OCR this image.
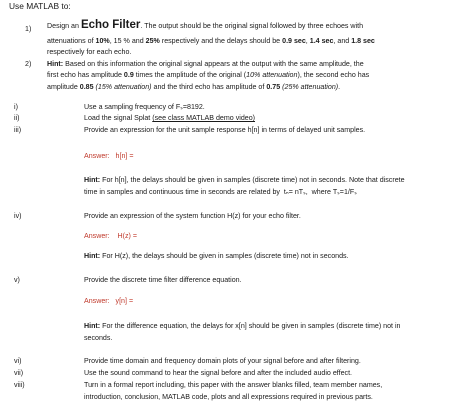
Use MATLAB to:
1) Design an Echo Filter. The output should be the original signal followed by three echoes with
attenuations of 10%, 15 % and 25% respectively and the delays should be 0.9 sec, 1.4 sec, and 1.8 sec
respectively for each echo.
2) Hint: Based on this information the original signal appears at the output with the same amplitude, the
first echo has amplitude 0.9 times the amplitude of the original (10% attenuation), the second echo has
amplitude 0.85 (15% attenuation) and the third echo has amplitude of 0.75 (25% attenuation).
i)	Use a sampling frequency of Fₛ=8192.
ii)	Load the signal Splat (see class MATLAB demo video)
iii)	Provide an expression for the unit sample response h[n] in terms of delayed unit samples.
Answer:   h[n] =
Hint: For h[n], the delays should be given in samples (discrete time) not in seconds. Note that discrete
time in samples and continuous time in seconds are related by  tₙ= nTₛ,  where Tₛ=1/Fₛ
iv)	Provide an expression of the system function H(z) for your echo filter.
Answer:    H(z) =
Hint: For H(z), the delays should be given in samples (discrete time) not in seconds.
v)	Provide the discrete time filter difference equation.
Answer:   y[n] =
Hint: For the difference equation, the delays for x[n] should be given in samples (discrete time) not in
seconds.
vi)	Provide time domain and frequency domain plots of your signal before and after filtering.
vii)	Use the sound command to hear the signal before and after the included audio effect.
viii)	Turn in a formal report including, this paper with the answer blanks filled, team member names,
introduction, conclusion, MATLAB code, plots and all expressions required in previous parts.
